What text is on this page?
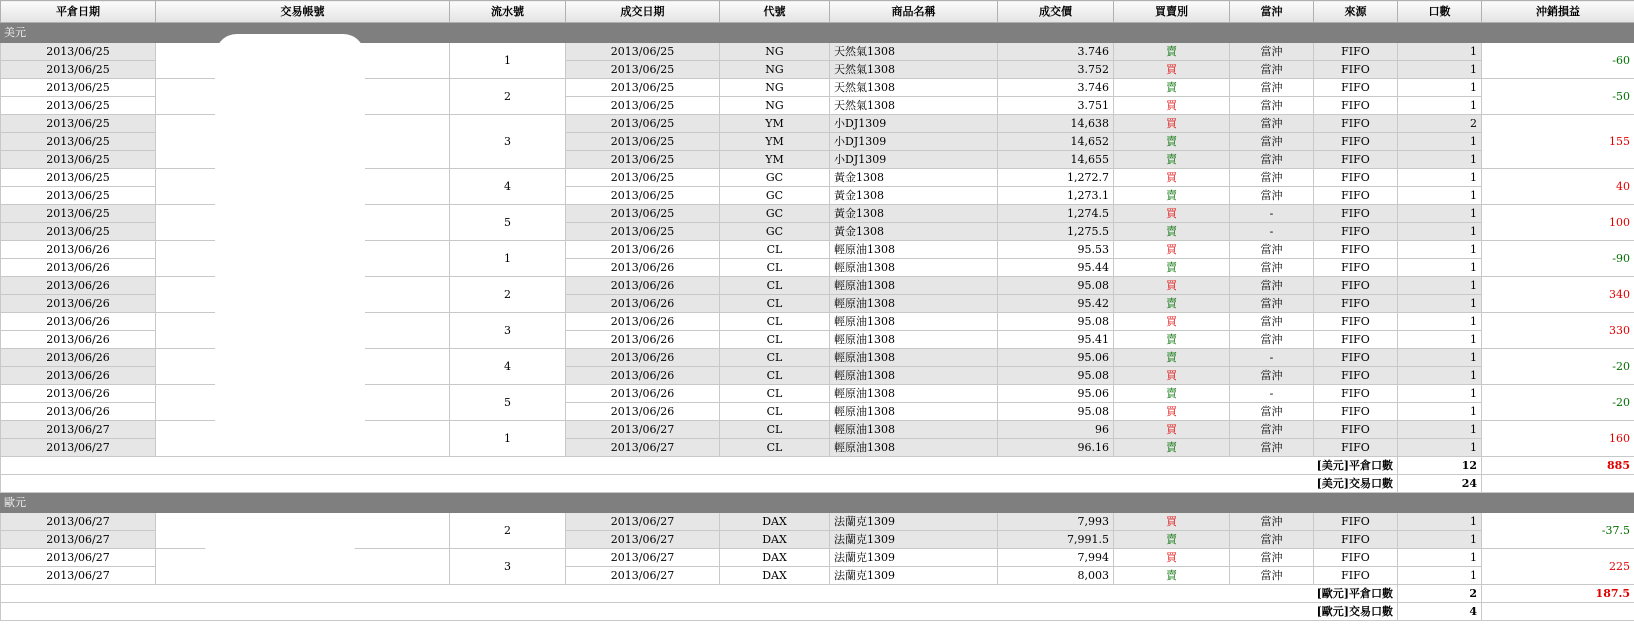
平倉日期	交易帳號	流水號	成交日期	代號	商品名稱	成交價	買賣別	當沖	來源	口數	沖銷損益
美元											
2013/06/25		1	2013/06/25	NG	天然氣1308	3.746	賣	當沖	FIFO	1	-60
2013/06/25			2013/06/25	NG	天然氣1308	3.752	買	當沖	FIFO	1	
2013/06/25		2	2013/06/25	NG	天然氣1308	3.746	賣	當沖	FIFO	1	-50
2013/06/25			2013/06/25	NG	天然氣1308	3.751	買	當沖	FIFO	1	
2013/06/25		3	2013/06/25	YM	小DJ1309	14,638	買	當沖	FIFO	2	155
2013/06/25			2013/06/25	YM	小DJ1309	14,652	賣	當沖	FIFO	1	
2013/06/25			2013/06/25	YM	小DJ1309	14,655	賣	當沖	FIFO	1	
2013/06/25		4	2013/06/25	GC	黃金1308	1,272.7	買	當沖	FIFO	1	40
2013/06/25			2013/06/25	GC	黃金1308	1,273.1	賣	當沖	FIFO	1	
2013/06/25		5	2013/06/25	GC	黃金1308	1,274.5	買	-	FIFO	1	100
2013/06/25			2013/06/25	GC	黃金1308	1,275.5	賣	-	FIFO	1	
2013/06/26		1	2013/06/26	CL	輕原油1308	95.53	買	當沖	FIFO	1	-90
2013/06/26			2013/06/26	CL	輕原油1308	95.44	賣	當沖	FIFO	1	
2013/06/26		2	2013/06/26	CL	輕原油1308	95.08	買	當沖	FIFO	1	340
2013/06/26			2013/06/26	CL	輕原油1308	95.42	賣	當沖	FIFO	1	
2013/06/26		3	2013/06/26	CL	輕原油1308	95.08	買	當沖	FIFO	1	330
2013/06/26			2013/06/26	CL	輕原油1308	95.41	賣	當沖	FIFO	1	
2013/06/26		4	2013/06/26	CL	輕原油1308	95.06	賣	-	FIFO	1	-20
2013/06/26			2013/06/26	CL	輕原油1308	95.08	買	當沖	FIFO	1	
2013/06/26		5	2013/06/26	CL	輕原油1308	95.06	賣	-	FIFO	1	-20
2013/06/26			2013/06/26	CL	輕原油1308	95.08	買	當沖	FIFO	1	
2013/06/27		1	2013/06/27	CL	輕原油1308	96	買	當沖	FIFO	1	160
2013/06/27			2013/06/27	CL	輕原油1308	96.16	賣	當沖	FIFO	1	
[美元]平倉口數										12	885
[美元]交易口數										24	
歐元											
2013/06/27		2	2013/06/27	DAX	法蘭克1309	7,993	買	當沖	FIFO	1	-37.5
2013/06/27			2013/06/27	DAX	法蘭克1309	7,991.5	賣	當沖	FIFO	1	
2013/06/27		3	2013/06/27	DAX	法蘭克1309	7,994	買	當沖	FIFO	1	225
2013/06/27			2013/06/27	DAX	法蘭克1309	8,003	賣	當沖	FIFO	1	
[歐元]平倉口數										2	187.5
[歐元]交易口數										4	
